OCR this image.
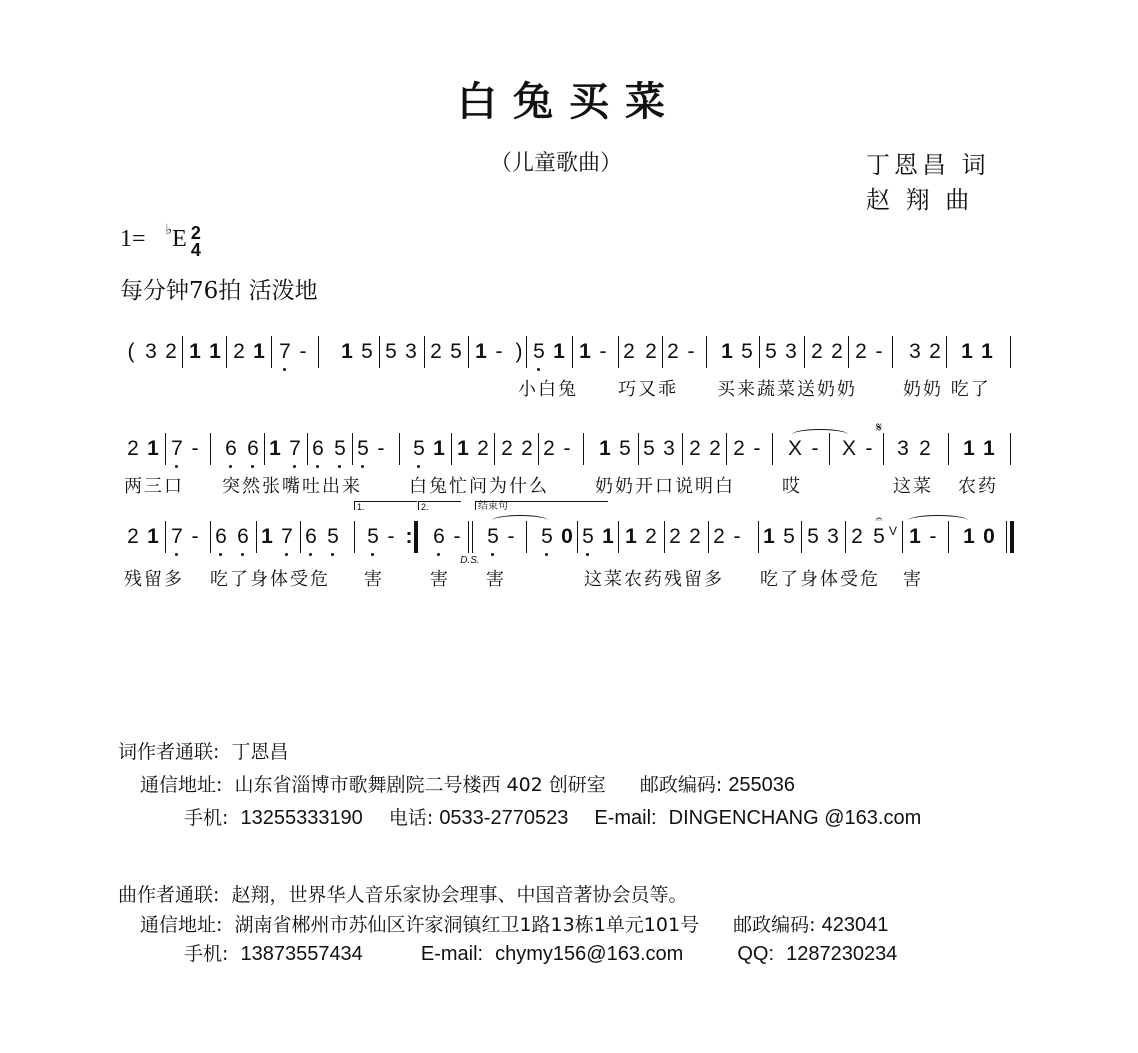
白兔买菜
（儿童歌曲）	丁恩昌 词
赵 翔 曲
1= ♭E 2
4
每分钟76拍 活泼地
( 3 2 1 1 2 1 7 - 1 5 5 3 2 5 1 - ) 5 1 1 - 2 2 2 - 1 5 5 3 2 2 2 - 3 2 1 1
小白兔 巧又乖 买来蔬菜送奶奶	奶奶 吃了
2 1 7 - 6 6 1 7 6 5 5 - 5 1 1 2 2 2 2 - 1 5 5 3 2 2 2 - X - X -
𝄋
3 2 1 1
两三口 突然张嘴吐出来	白兔忙问为什么	奶奶开口说明白	哎	这菜 农药
1.	2.	结束句
2 1 7 - 6 6 1 7 6 5 5 - : 6 -
D.S.
5 - 5 0 5 1 1 2 2 2 2 - 1 5 5 3 2 5
𝄐
V 1 - 1 0
残留多 吃了身体受危 害	害 害	这菜农药残留多 吃了身体受危 害
词作者通联: 丁恩昌
通信地址: 山东省淄博市歌舞剧院二号楼西 402 创研室 邮政编码: 255036
手机: 13255333190 电话: 0533-2770523 E-mail: DINGENCHANG @163.com
曲作者通联: 赵翔，世界华人音乐家协会理事、中国音著协会员等。
通信地址: 湖南省郴州市苏仙区许家洞镇红卫1路13栋1单元101号 邮政编码: 423041
手机: 13873557434	E-mail: chymy156@163.com	QQ: 1287230234
